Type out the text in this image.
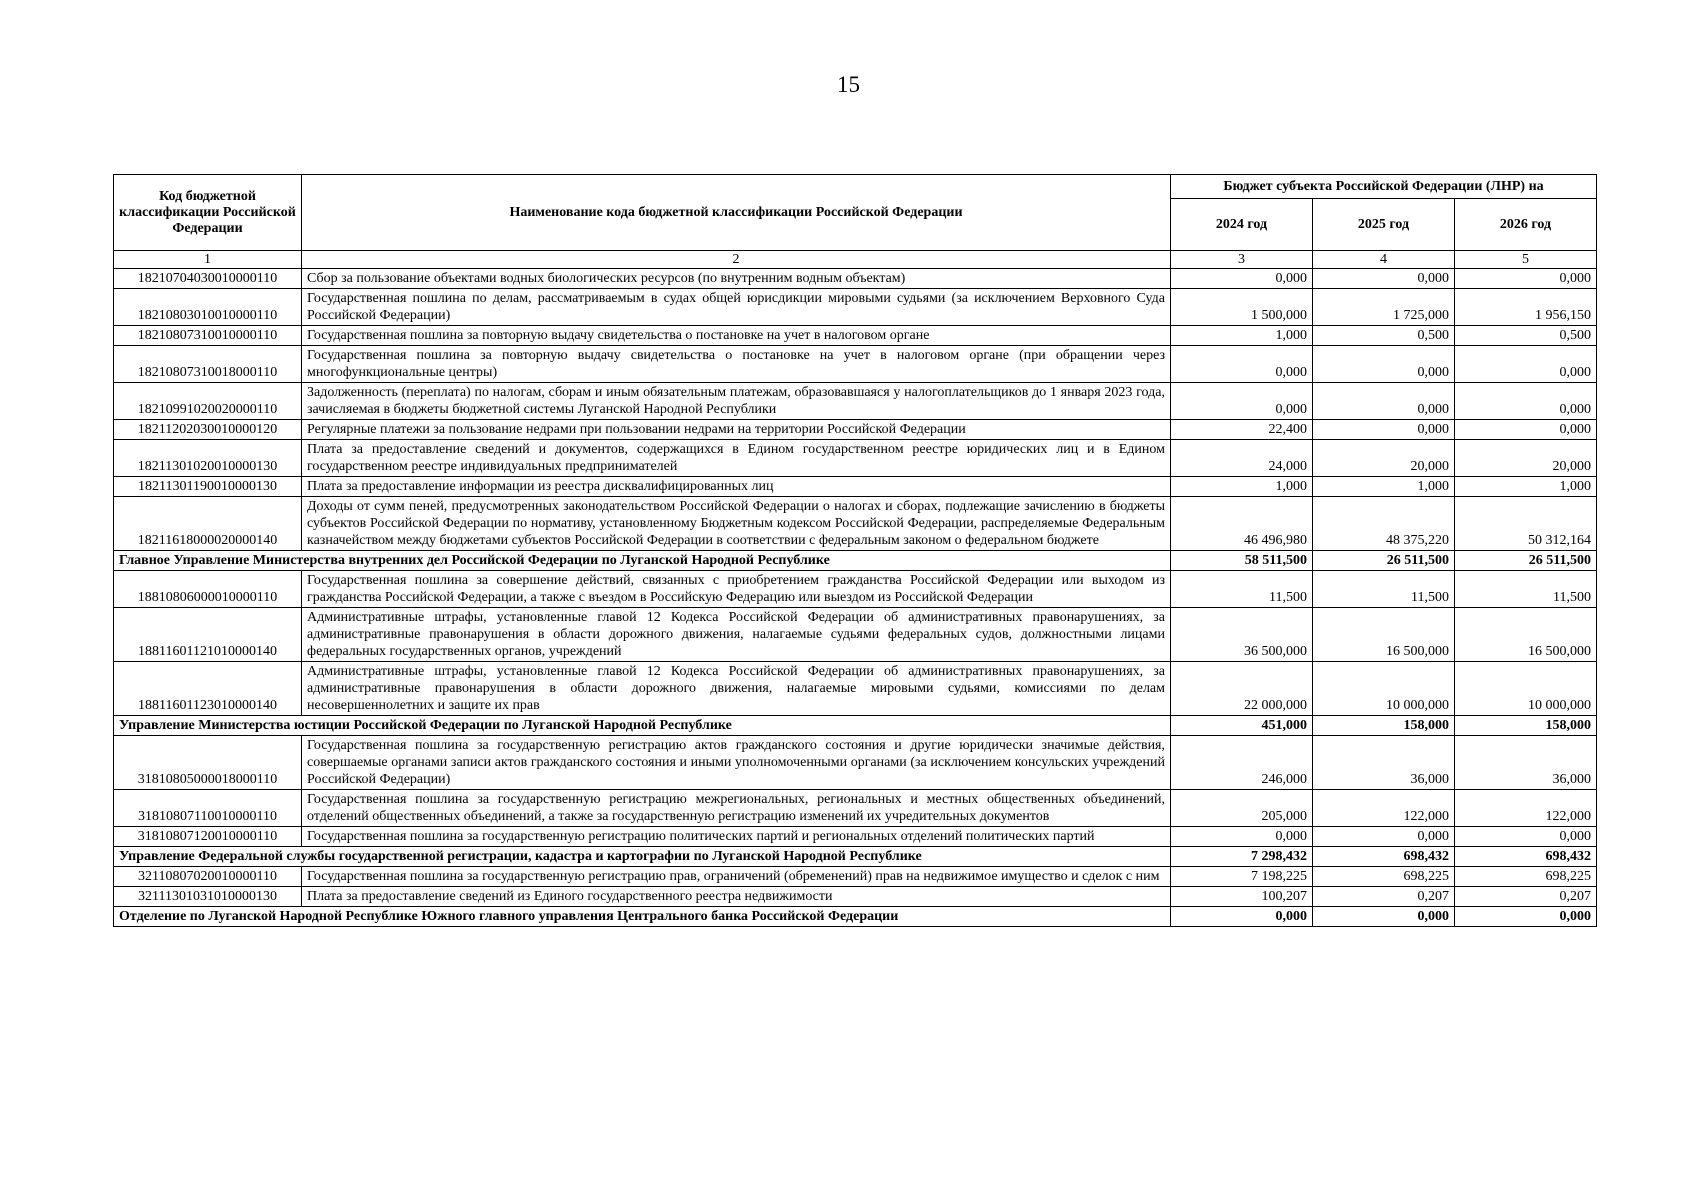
15
Код бюджетной классификации Российской Федерации	Наименование кода бюджетной классификации Российской Федерации	Бюджет субъекта Российской Федерации (ЛНР) на		
		2024 год	2025 год	2026 год
1	2	3	4	5
18210704030010000110	Сбор за пользование объектами водных биологических ресурсов (по внутренним водным объектам)	0,000	0,000	0,000
18210803010010000110	Государственная пошлина по делам, рассматриваемым в судах общей юрисдикции мировыми судьями (за исключением Верховного Суда Российской Федерации)	1 500,000	1 725,000	1 956,150
18210807310010000110	Государственная пошлина за повторную выдачу свидетельства о постановке на учет в налоговом органе	1,000	0,500	0,500
18210807310018000110	Государственная пошлина за повторную выдачу свидетельства о постановке на учет в налоговом органе (при обращении через многофункциональные центры)	0,000	0,000	0,000
18210991020020000110	Задолженность (переплата) по налогам, сборам и иным обязательным платежам, образовавшаяся у налогоплательщиков до 1 января 2023 года, зачисляемая в бюджеты бюджетной системы Луганской Народной Республики	0,000	0,000	0,000
18211202030010000120	Регулярные платежи за пользование недрами при пользовании недрами на территории Российской Федерации	22,400	0,000	0,000
18211301020010000130	Плата за предоставление сведений и документов, содержащихся в Едином государственном реестре юридических лиц и в Едином государственном реестре индивидуальных предпринимателей	24,000	20,000	20,000
18211301190010000130	Плата за предоставление информации из реестра дисквалифицированных лиц	1,000	1,000	1,000
18211618000020000140	Доходы от сумм пеней, предусмотренных законодательством Российской Федерации о налогах и сборах, подлежащие зачислению в бюджеты субъектов Российской Федерации по нормативу, установленному Бюджетным кодексом Российской Федерации, распределяемые Федеральным казначейством между бюджетами субъектов Российской Федерации в соответствии с федеральным законом о федеральном бюджете	46 496,980	48 375,220	50 312,164
Главное Управление Министерства внутренних дел Российской Федерации по Луганской Народной Республике		58 511,500	26 511,500	26 511,500
18810806000010000110	Государственная пошлина за совершение действий, связанных с приобретением гражданства Российской Федерации или выходом из гражданства Российской Федерации, а также с въездом в Российскую Федерацию или выездом из Российской Федерации	11,500	11,500	11,500
18811601121010000140	Административные штрафы, установленные главой 12 Кодекса Российской Федерации об административных правонарушениях, за административные правонарушения в области дорожного движения, налагаемые судьями федеральных судов, должностными лицами федеральных государственных органов, учреждений	36 500,000	16 500,000	16 500,000
18811601123010000140	Административные штрафы, установленные главой 12 Кодекса Российской Федерации об административных правонарушениях, за административные правонарушения в области дорожного движения, налагаемые мировыми судьями, комиссиями по делам несовершеннолетних и защите их прав	22 000,000	10 000,000	10 000,000
Управление Министерства юстиции Российской Федерации по Луганской Народной Республике		451,000	158,000	158,000
31810805000018000110	Государственная пошлина за государственную регистрацию актов гражданского состояния и другие юридически значимые действия, совершаемые органами записи актов гражданского состояния и иными уполномоченными органами (за исключением консульских учреждений Российской Федерации)	246,000	36,000	36,000
31810807110010000110	Государственная пошлина за государственную регистрацию межрегиональных, региональных и местных общественных объединений, отделений общественных объединений, а также за государственную регистрацию изменений их учредительных документов	205,000	122,000	122,000
31810807120010000110	Государственная пошлина за государственную регистрацию политических партий и региональных отделений политических партий	0,000	0,000	0,000
Управление Федеральной службы государственной регистрации, кадастра и картографии по Луганской Народной Республике		7 298,432	698,432	698,432
32110807020010000110	Государственная пошлина за государственную регистрацию прав, ограничений (обременений) прав на недвижимое имущество и сделок с ним	7 198,225	698,225	698,225
32111301031010000130	Плата за предоставление сведений из Единого государственного реестра недвижимости	100,207	0,207	0,207
Отделение по Луганской Народной Республике Южного главного управления Центрального банка Российской Федерации		0,000	0,000	0,000
